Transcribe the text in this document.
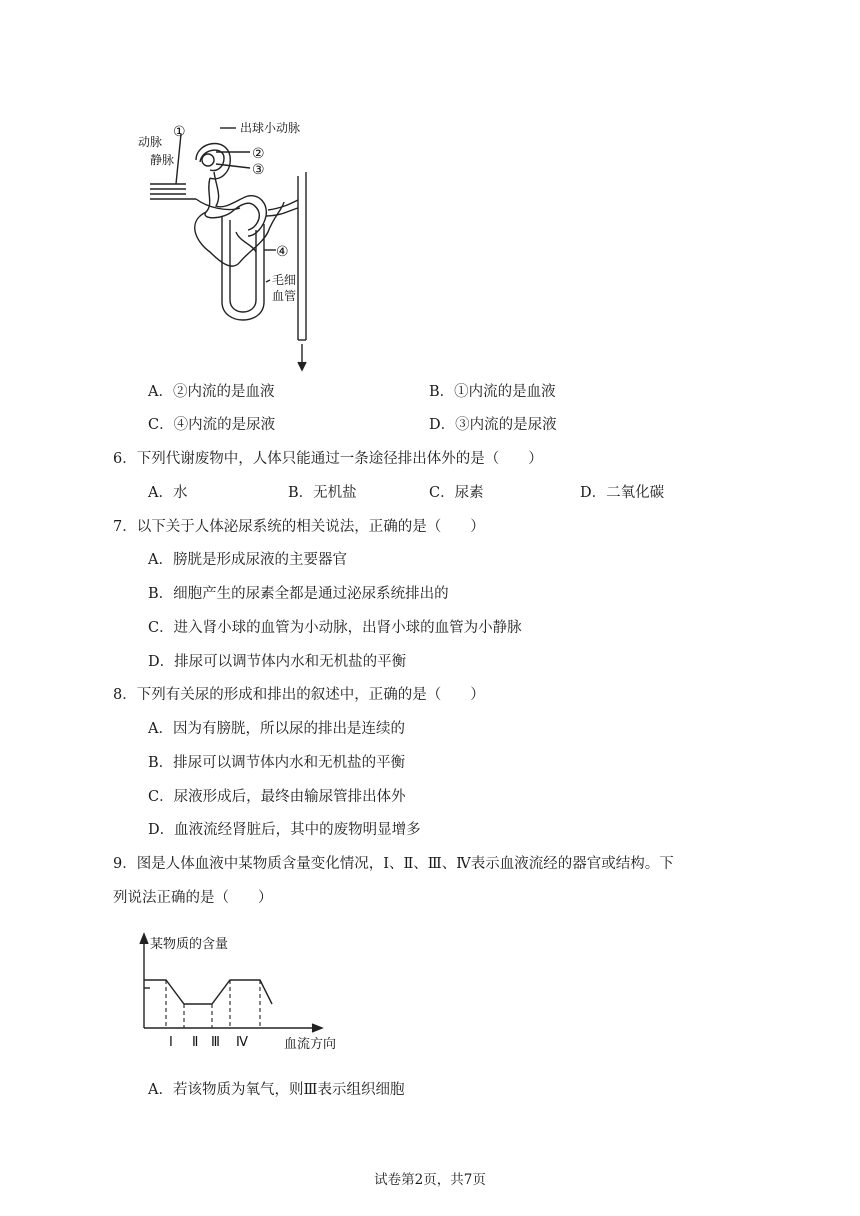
①
动脉
静脉
出球小动脉
②
③
④
毛细
血管
A．②内流的是血液	B．①内流的是血液
C．④内流的是尿液	D．③内流的是尿液
6．下列代谢废物中，人体只能通过一条途径排出体外的是（　　）
A．水	B．无机盐	C．尿素	D．二氧化碳
7．以下关于人体泌尿系统的相关说法，正确的是（　　）
A．膀胱是形成尿液的主要器官
B．细胞产生的尿素全都是通过泌尿系统排出的
C．进入肾小球的血管为小动脉，出肾小球的血管为小静脉
D．排尿可以调节体内水和无机盐的平衡
8．下列有关尿的形成和排出的叙述中，正确的是（　　）
A．因为有膀胱，所以尿的排出是连续的
B．排尿可以调节体内水和无机盐的平衡
C．尿液形成后，最终由输尿管排出体外
D．血液流经肾脏后，其中的废物明显增多
9．图是人体血液中某物质含量变化情况，Ⅰ、Ⅱ、Ⅲ、Ⅳ表示血液流经的器官或结构。下
列说法正确的是（　　）
某物质的含量
Ⅰ Ⅱ Ⅲ Ⅳ	血流方向
A．若该物质为氧气，则Ⅲ表示组织细胞
试卷第2页，共7页
